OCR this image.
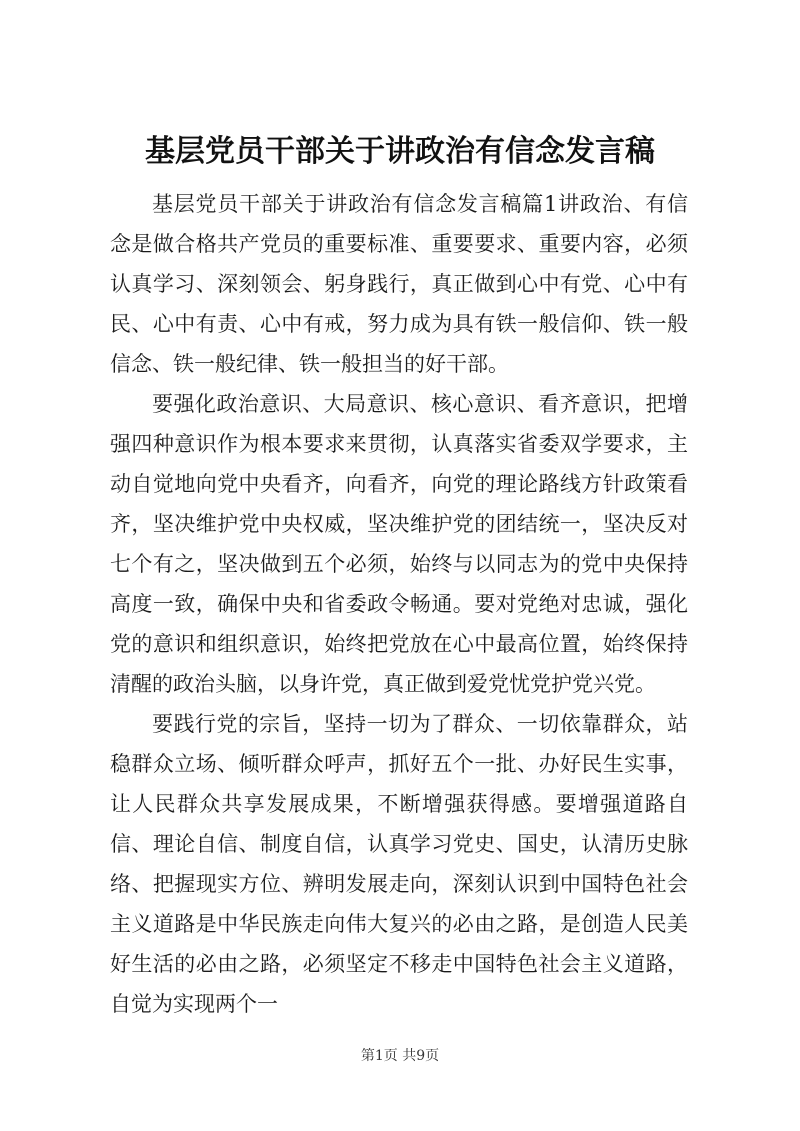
基层党员干部关于讲政治有信念发言稿

基层党员干部关于讲政治有信念发言稿篇1讲政治、有信念是做合格共产党员的重要标准、重要要求、重要内容，必须认真学习、深刻领会、躬身践行，真正做到心中有党、心中有民、心中有责、心中有戒，努力成为具有铁一般信仰、铁一般信念、铁一般纪律、铁一般担当的好干部。

要强化政治意识、大局意识、核心意识、看齐意识，把增强四种意识作为根本要求来贯彻，认真落实省委双学要求，主动自觉地向党中央看齐，向看齐，向党的理论路线方针政策看齐，坚决维护党中央权威，坚决维护党的团结统一，坚决反对七个有之，坚决做到五个必须，始终与以同志为的党中央保持高度一致，确保中央和省委政令畅通。要对党绝对忠诚，强化党的意识和组织意识，始终把党放在心中最高位置，始终保持清醒的政治头脑，以身许党，真正做到爱党忧党护党兴党。

要践行党的宗旨，坚持一切为了群众、一切依靠群众，站稳群众立场、倾听群众呼声，抓好五个一批、办好民生实事，让人民群众共享发展成果，不断增强获得感。要增强道路自信、理论自信、制度自信，认真学习党史、国史，认清历史脉络、把握现实方位、辨明发展走向，深刻认识到中国特色社会主义道路是中华民族走向伟大复兴的必由之路，是创造人民美好生活的必由之路，必须坚定不移走中国特色社会主义道路，自觉为实现两个一

第1页 共9页
